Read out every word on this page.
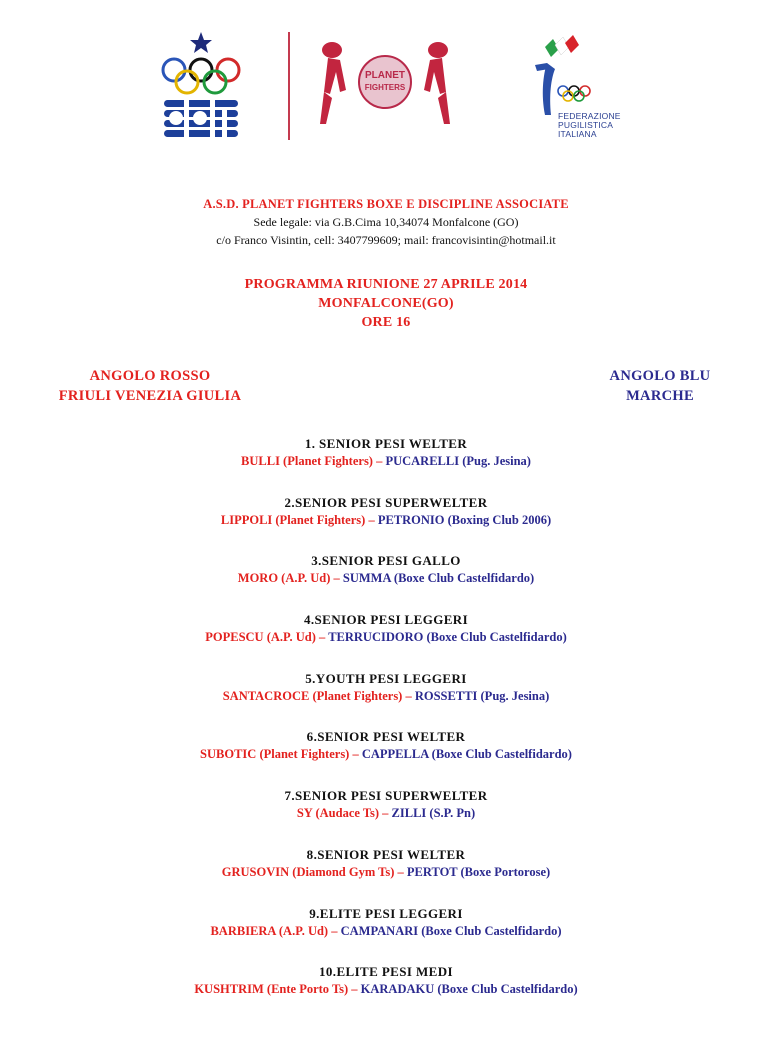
PLANET
FIGHTERS
FEDERAZIONE
PUGILISTICA
ITALIANA
A.S.D. PLANET FIGHTERS BOXE E DISCIPLINE ASSOCIATE
Sede legale: via G.B.Cima 10,34074 Monfalcone (GO)
c/o Franco Visintin, cell: 3407799609; mail: francovisintin@hotmail.it
PROGRAMMA RIUNIONE 27 APRILE 2014
MONFALCONE(GO)
ORE 16
ANGOLO ROSSO
FRIULI VENEZIA GIULIA
ANGOLO BLU
MARCHE
1. SENIOR PESI WELTER
BULLI (Planet Fighters) – PUCARELLI (Pug. Jesina)
2.SENIOR PESI SUPERWELTER
LIPPOLI (Planet Fighters) – PETRONIO (Boxing Club 2006)
3.SENIOR PESI GALLO
MORO (A.P. Ud) – SUMMA (Boxe Club Castelfidardo)
4.SENIOR PESI LEGGERI
POPESCU (A.P. Ud) – TERRUCIDORO (Boxe Club Castelfidardo)
5.YOUTH PESI LEGGERI
SANTACROCE (Planet Fighters) – ROSSETTI (Pug. Jesina)
6.SENIOR PESI WELTER
SUBOTIC (Planet Fighters) – CAPPELLA (Boxe Club Castelfidardo)
7.SENIOR PESI SUPERWELTER
SY (Audace Ts) – ZILLI (S.P. Pn)
8.SENIOR PESI WELTER
GRUSOVIN (Diamond Gym Ts) – PERTOT (Boxe Portorose)
9.ELITE PESI LEGGERI
BARBIERA (A.P. Ud) – CAMPANARI (Boxe Club Castelfidardo)
10.ELITE PESI MEDI
KUSHTRIM (Ente Porto Ts) – KARADAKU (Boxe Club Castelfidardo)
